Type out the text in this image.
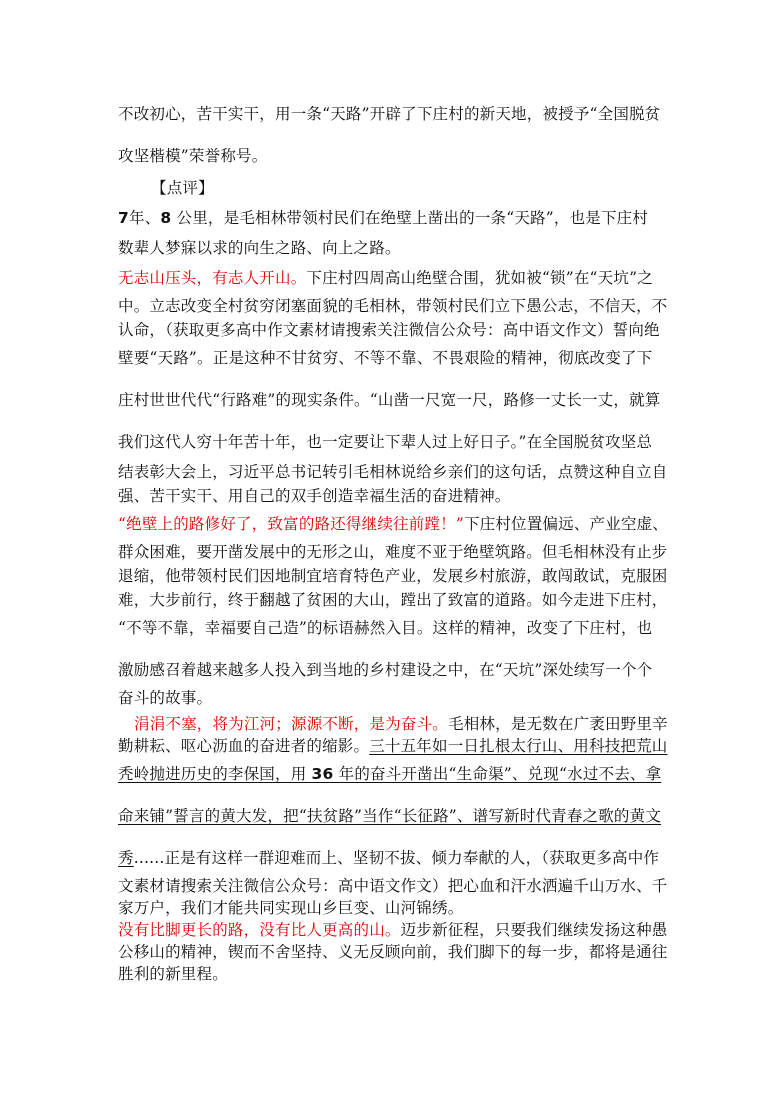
不改初心，苦干实干，用一条“天路”开辟了下庄村的新天地，被授予“全国脱贫
攻坚楷模”荣誉称号。
【点评】
7年、8 公里，是毛相林带领村民们在绝壁上凿出的一条“天路”，也是下庄村
数辈人梦寐以求的向生之路、向上之路。
无志山压头，有志人开山。下庄村四周高山绝壁合围，犹如被“锁”在“天坑”之
中。立志改变全村贫穷闭塞面貌的毛相林，带领村民们立下愚公志，不信天，不
认命，（获取更多高中作文素材请搜索关注微信公众号：高中语文作文）誓向绝
壁要“天路”。正是这种不甘贫穷、不等不靠、不畏艰险的精神，彻底改变了下
庄村世世代代“行路难”的现实条件。“山凿一尺宽一尺，路修一丈长一丈，就算
我们这代人穷十年苦十年，也一定要让下辈人过上好日子。”在全国脱贫攻坚总
结表彰大会上，习近平总书记转引毛相林说给乡亲们的这句话，点赞这种自立自
强、苦干实干、用自己的双手创造幸福生活的奋进精神。
“绝壁上的路修好了，致富的路还得继续往前蹚！”下庄村位置偏远、产业空虚、
群众困难，要开凿发展中的无形之山，难度不亚于绝壁筑路。但毛相林没有止步
退缩，他带领村民们因地制宜培育特色产业，发展乡村旅游，敢闯敢试，克服困
难，大步前行，终于翻越了贫困的大山，蹚出了致富的道路。如今走进下庄村，
“不等不靠，幸福要自己造”的标语赫然入目。这样的精神，改变了下庄村，也
激励感召着越来越多人投入到当地的乡村建设之中，在“天坑”深处续写一个个
奋斗的故事。
涓涓不塞，将为江河；源源不断，是为奋斗。毛相林，是无数在广袤田野里辛
勤耕耘、呕心沥血的奋进者的缩影。三十五年如一日扎根太行山、用科技把荒山
秃岭抛进历史的李保国，用 36 年的奋斗开凿出“生命渠”、兑现“水过不去、拿
命来铺”誓言的黄大发，把“扶贫路”当作“长征路”、谱写新时代青春之歌的黄文
秀......正是有这样一群迎难而上、坚韧不拔、倾力奉献的人，（获取更多高中作
文素材请搜索关注微信公众号：高中语文作文）把心血和汗水洒遍千山万水、千
家万户，我们才能共同实现山乡巨变、山河锦绣。
没有比脚更长的路，没有比人更高的山。迈步新征程，只要我们继续发扬这种愚
公移山的精神，锲而不舍坚持、义无反顾向前，我们脚下的每一步，都将是通往
胜利的新里程。
